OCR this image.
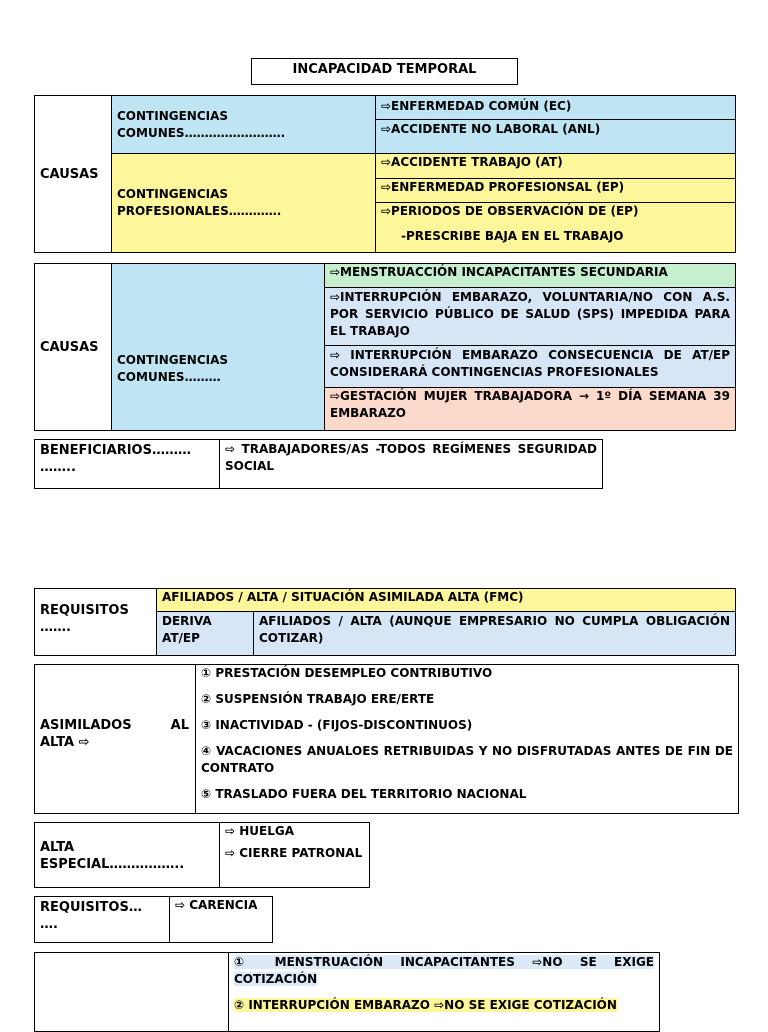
INCAPACIDAD TEMPORAL
CAUSAS
CONTINGENCIAS COMUNES…………………….
⇨ENFERMEDAD COMÚN (EC)
⇨ACCIDENTE NO LABORAL (ANL)
CONTINGENCIAS PROFESIONALES………….
⇨ACCIDENTE TRABAJO (AT)
⇨ENFERMEDAD PROFESIONSAL (EP)
⇨PERIODOS DE OBSERVACIÓN DE (EP)
-PRESCRIBE BAJA EN EL TRABAJO
CAUSAS
CONTINGENCIAS COMUNES………
⇨MENSTRUACCIÓN INCAPACITANTES SECUNDARIA
⇨INTERRUPCIÓN EMBARAZO, VOLUNTARIA/NO CON A.S. POR SERVICIO PÚBLICO DE SALUD (SPS) IMPEDIDA PARA EL TRABAJO
⇨ INTERRUPCIÓN EMBARAZO CONSECUENCIA DE AT/EP CONSIDERARÁ CONTINGENCIAS PROFESIONALES
⇨GESTACIÓN MUJER TRABAJADORA → 1º DÍA SEMANA 39 EMBARAZO
BENEFICIARIOS……… ……..
⇨ TRABAJADORES/AS -TODOS REGÍMENES SEGURIDAD SOCIAL
REQUISITOS …….
AFILIADOS / ALTA / SITUACIÓN ASIMILADA ALTA (FMC)
DERIVA AT/EP
AFILIADOS / ALTA (AUNQUE EMPRESARIO NO CUMPLA OBLIGACIÓN COTIZAR)
ASIMILADOS AL ALTA ⇨
① PRESTACIÓN DESEMPLEO CONTRIBUTIVO
② SUSPENSIÓN TRABAJO ERE/ERTE
③ INACTIVIDAD - (FIJOS-DISCONTINUOS)
④ VACACIONES ANUALOES RETRIBUIDAS Y NO DISFRUTADAS ANTES DE FIN DE CONTRATO
⑤ TRASLADO FUERA DEL TERRITORIO NACIONAL
ALTA ESPECIAL……………..
⇨ HUELGA
⇨ CIERRE PATRONAL
REQUISITOS… ….
⇨ CARENCIA
① MENSTRUACIÓN INCAPACITANTES ⇨NO SE EXIGE COTIZACIÓN
② INTERRUPCIÓN EMBARAZO ⇨NO SE EXIGE COTIZACIÓN
